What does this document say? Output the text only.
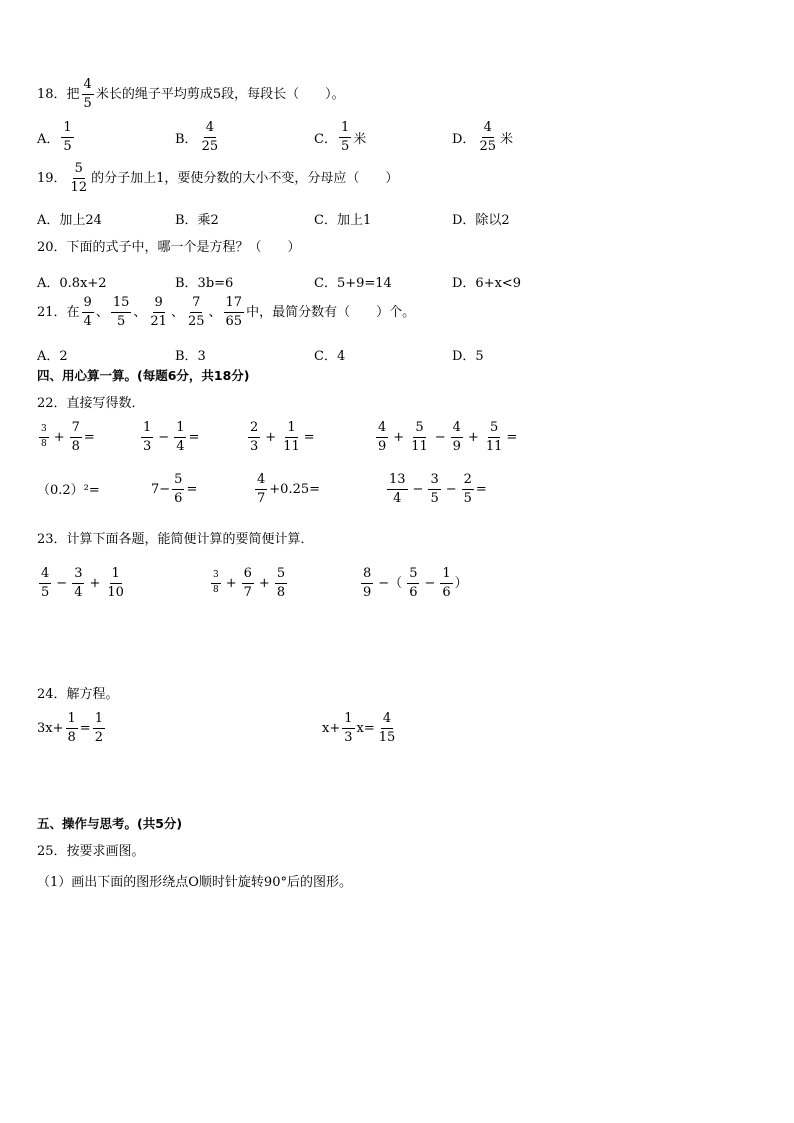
18．把 $\frac{4}{5}$ 米长的绳子平均剪成5段，每段长（　　）。
A． $\frac{1}{5}$	B． $\frac{4}{25}$	C． $\frac{1}{5}$ 米	D． $\frac{4}{25}$ 米
19． $\frac{5}{12}$ 的分子加上1，要使分数的大小不变，分母应（　　）
A．加上24	B．乘2	C．加上1	D．除以2
20．下面的式子中，哪一个是方程？（　　）
A．0.8x+2	B．3b=6	C．5+9=14	D．6+x<9
21．在 $\frac{9}{4}$ 、 $\frac{15}{5}$ 、 $\frac{9}{21}$ 、 $\frac{7}{25}$ 、 $\frac{17}{65}$ 中，最简分数有（　　）个。
A．2	B．3	C．4	D．5
四、用心算一算。(每题6分，共18分)
22．直接写得数．
$\frac{3}{8} + \frac{7}{8}$ =	$\frac{1}{3} - \frac{1}{4}$ =	$\frac{2}{3} + \frac{1}{11}$ =	$\frac{4}{9} + \frac{5}{11} - \frac{4}{9} + \frac{5}{11}$ =
（0.2）²=	$7- \frac{5}{6}$ =	$\frac{4}{7} +0.25=$	$\frac{13}{4} - \frac{3}{5} - \frac{2}{5}$ =
23．计算下面各题，能简便计算的要简便计算．
$\frac{4}{5} - \frac{3}{4} + \frac{1}{10}$	$\frac{3}{8} + \frac{6}{7} + \frac{5}{8}$	$\frac{8}{9}$ −（ $\frac{5}{6} - \frac{1}{6}$ ）
24．解方程。
$3x+ \frac{1}{8} = \frac{1}{2}$	$x+ \frac{1}{3} x= \frac{4}{15}$
五、操作与思考。(共5分)
25．按要求画图。
（1）画出下面的图形绕点O顺时针旋转90°后的图形。
